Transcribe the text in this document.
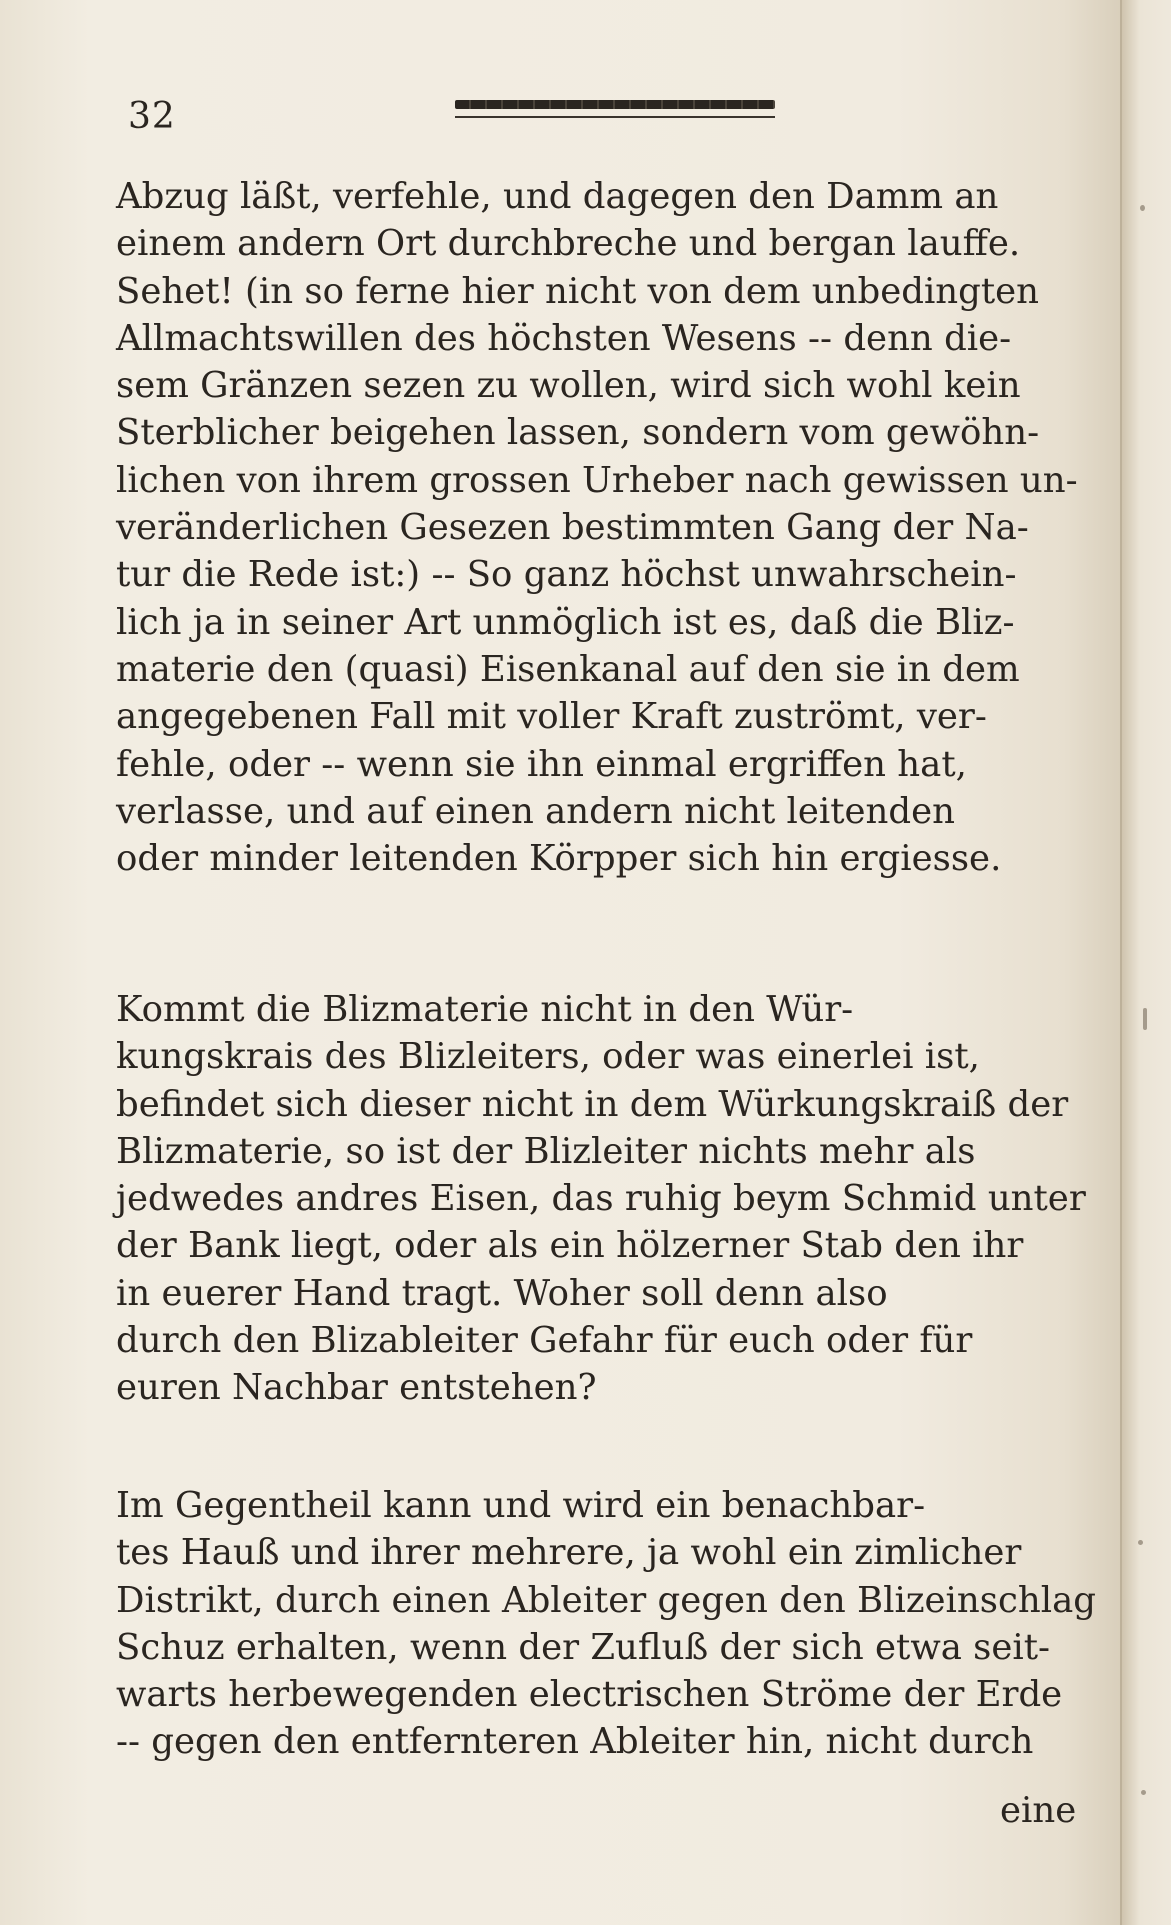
32
Abzug läßt, verfehle, und dagegen den Damm an
einem andern Ort durchbreche und bergan lauffe.
Sehet! (in so ferne hier nicht von dem unbedingten
Allmachtswillen des höchsten Wesens -- denn die-
sem Gränzen sezen zu wollen, wird sich wohl kein
Sterblicher beigehen lassen, sondern vom gewöhn-
lichen von ihrem grossen Urheber nach gewissen un-
veränderlichen Gesezen bestimmten Gang der Na-
tur die Rede ist:) -- So ganz höchst unwahrschein-
lich ja in seiner Art unmöglich ist es, daß die Bliz-
materie den (quasi) Eisenkanal auf den sie in dem
angegebenen Fall mit voller Kraft zuströmt, ver-
fehle, oder -- wenn sie ihn einmal ergriffen hat,
verlasse, und auf einen andern nicht leitenden
oder minder leitenden Körpper sich hin ergiesse.
Kommt die Blizmaterie nicht in den Wür-
kungskrais des Blizleiters, oder was einerlei ist,
befindet sich dieser nicht in dem Würkungskraiß der
Blizmaterie, so ist der Blizleiter nichts mehr als
jedwedes andres Eisen, das ruhig beym Schmid unter
der Bank liegt, oder als ein hölzerner Stab den ihr
in euerer Hand tragt. Woher soll denn also
durch den Blizableiter Gefahr für euch oder für
euren Nachbar entstehen?
Im Gegentheil kann und wird ein benachbar-
tes Hauß und ihrer mehrere, ja wohl ein zimlicher
Distrikt, durch einen Ableiter gegen den Blizeinschlag
Schuz erhalten, wenn der Zufluß der sich etwa seit-
warts herbewegenden electrischen Ströme der Erde
-- gegen den entfernteren Ableiter hin, nicht durch
eine
